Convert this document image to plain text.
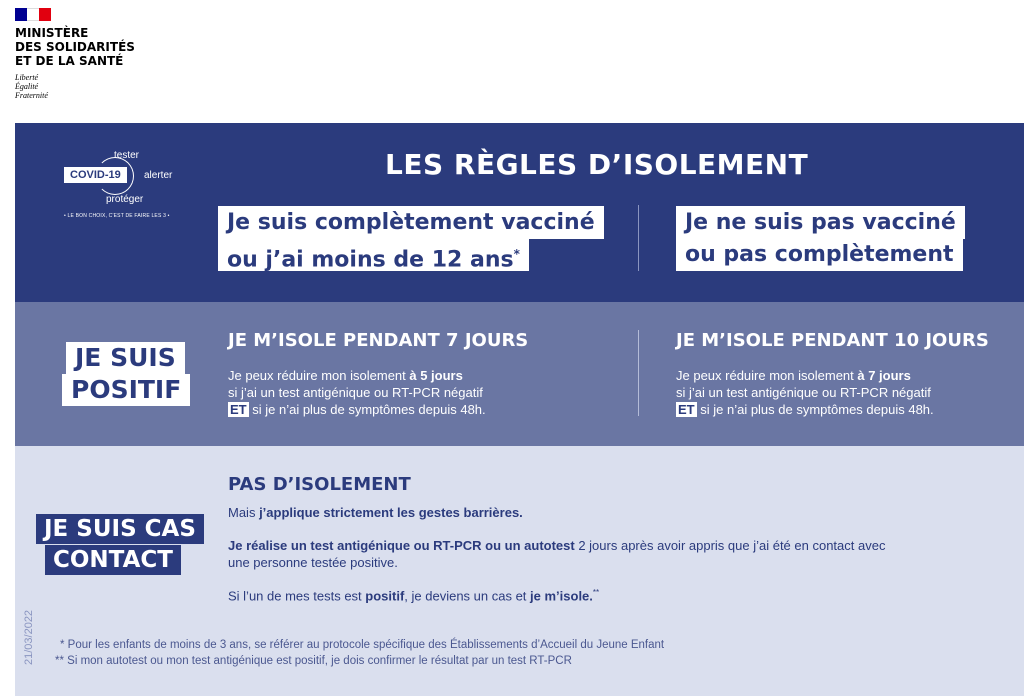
MINISTÈRE
DES SOLIDARITÉS
ET DE LA SANTÉ
Liberté
Égalité
Fraternité
tester
COVID-19	alerter
protéger
• LE BON CHOIX, C'EST DE FAIRE LES 3 •
LES RÈGLES D’ISOLEMENT
Je suis complètement vacciné
ou j’ai moins de 12 ans*
Je ne suis pas vacciné
ou pas complètement
JE SUIS
POSITIF
JE M’ISOLE PENDANT 7 JOURS
Je peux réduire mon isolement à 5 jours
si j’ai un test antigénique ou RT-PCR négatif
ET si je n’ai plus de symptômes depuis 48h.
JE M’ISOLE PENDANT 10 JOURS
Je peux réduire mon isolement à 7 jours
si j’ai un test antigénique ou RT-PCR négatif
ET si je n’ai plus de symptômes depuis 48h.
JE SUIS CAS
CONTACT
PAS D’ISOLEMENT
Mais j’applique strictement les gestes barrières.
Je réalise un test antigénique ou RT-PCR ou un autotest 2 jours après avoir appris que j’ai été en contact avec
une personne testée positive.
Si l’un de mes tests est positif, je deviens un cas et je m’isole.**
21/03/2022 * Pour les enfants de moins de 3 ans, se référer au protocole spécifique des Établissements d’Accueil du Jeune Enfant
** Si mon autotest ou mon test antigénique est positif, je dois confirmer le résultat par un test RT-PCR
